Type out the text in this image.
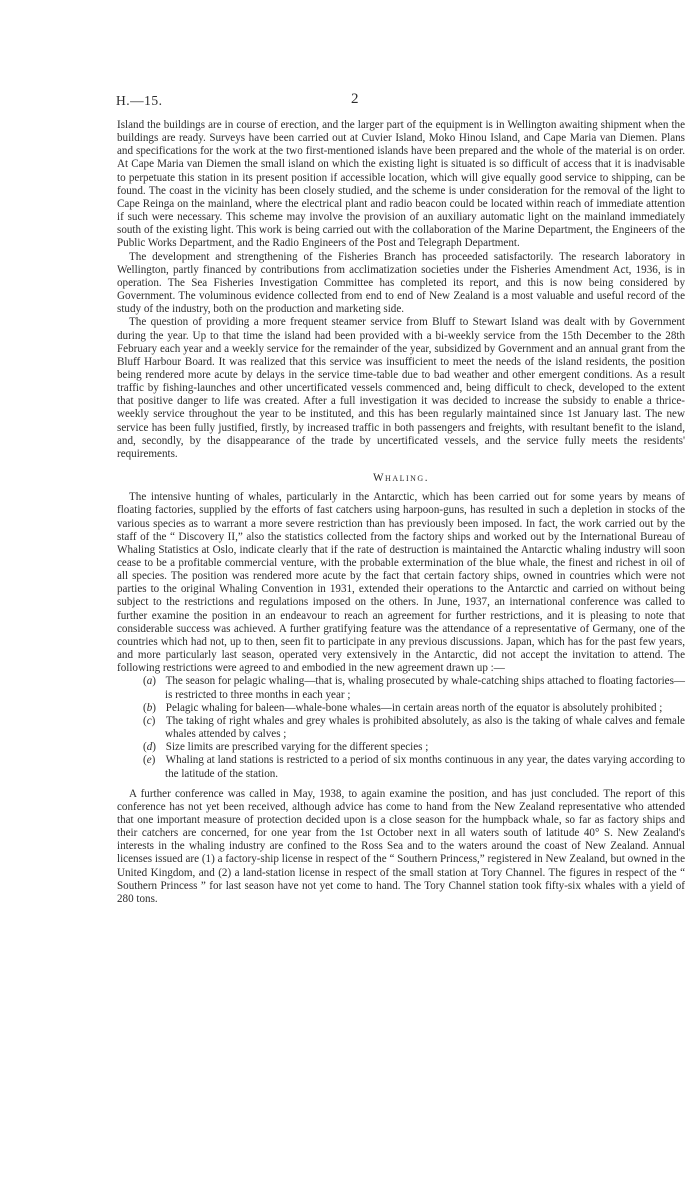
H.—15.	2

Island the buildings are in course of erection, and the larger part of the equipment is in Wellington awaiting shipment when the buildings are ready. Surveys have been carried out at Cuvier Island, Moko Hinou Island, and Cape Maria van Diemen. Plans and specifications for the work at the two first-mentioned islands have been prepared and the whole of the material is on order. At Cape Maria van Diemen the small island on which the existing light is situated is so difficult of access that it is inadvisable to perpetuate this station in its present position if accessible location, which will give equally good service to shipping, can be found. The coast in the vicinity has been closely studied, and the scheme is under consideration for the removal of the light to Cape Reinga on the mainland, where the electrical plant and radio beacon could be located within reach of immediate attention if such were necessary. This scheme may involve the provision of an auxiliary automatic light on the mainland immediately south of the existing light. This work is being carried out with the collaboration of the Marine Department, the Engineers of the Public Works Department, and the Radio Engineers of the Post and Telegraph Department.

The development and strengthening of the Fisheries Branch has proceeded satisfactorily. The research laboratory in Wellington, partly financed by contributions from acclimatization societies under the Fisheries Amendment Act, 1936, is in operation. The Sea Fisheries Investigation Committee has completed its report, and this is now being considered by Government. The voluminous evidence collected from end to end of New Zealand is a most valuable and useful record of the study of the industry, both on the production and marketing side.

The question of providing a more frequent steamer service from Bluff to Stewart Island was dealt with by Government during the year. Up to that time the island had been provided with a bi-weekly service from the 15th December to the 28th February each year and a weekly service for the remainder of the year, subsidized by Government and an annual grant from the Bluff Harbour Board. It was realized that this service was insufficient to meet the needs of the island residents, the position being rendered more acute by delays in the service time-table due to bad weather and other emergent conditions. As a result traffic by fishing-launches and other uncertificated vessels commenced and, being difficult to check, developed to the extent that positive danger to life was created. After a full investigation it was decided to increase the subsidy to enable a thrice-weekly service throughout the year to be instituted, and this has been regularly maintained since 1st January last. The new service has been fully justified, firstly, by increased traffic in both passengers and freights, with resultant benefit to the island, and, secondly, by the disappearance of the trade by uncertificated vessels, and the service fully meets the residents' requirements.

Whaling.

The intensive hunting of whales, particularly in the Antarctic, which has been carried out for some years by means of floating factories, supplied by the efforts of fast catchers using harpoon-guns, has resulted in such a depletion in stocks of the various species as to warrant a more severe restriction than has previously been imposed. In fact, the work carried out by the staff of the “ Discovery II,” also the statistics collected from the factory ships and worked out by the International Bureau of Whaling Statistics at Oslo, indicate clearly that if the rate of destruction is maintained the Antarctic whaling industry will soon cease to be a profitable commercial venture, with the probable extermination of the blue whale, the finest and richest in oil of all species. The position was rendered more acute by the fact that certain factory ships, owned in countries which were not parties to the original Whaling Convention in 1931, extended their operations to the Antarctic and carried on without being subject to the restrictions and regulations imposed on the others. In June, 1937, an international conference was called to further examine the position in an endeavour to reach an agreement for further restrictions, and it is pleasing to note that considerable success was achieved. A further gratifying feature was the attendance of a representative of Germany, one of the countries which had not, up to then, seen fit to participate in any previous discussions. Japan, which has for the past few years, and more particularly last season, operated very extensively in the Antarctic, did not accept the invitation to attend. The following restrictions were agreed to and embodied in the new agreement drawn up :—

(a) The season for pelagic whaling—that is, whaling prosecuted by whale-catching ships attached to floating factories—is restricted to three months in each year ;
(b) Pelagic whaling for baleen—whale-bone whales—in certain areas north of the equator is absolutely prohibited ;
(c) The taking of right whales and grey whales is prohibited absolutely, as also is the taking of whale calves and female whales attended by calves ;
(d) Size limits are prescribed varying for the different species ;
(e) Whaling at land stations is restricted to a period of six months continuous in any year, the dates varying according to the latitude of the station.

A further conference was called in May, 1938, to again examine the position, and has just concluded. The report of this conference has not yet been received, although advice has come to hand from the New Zealand representative who attended that one important measure of protection decided upon is a close season for the humpback whale, so far as factory ships and their catchers are concerned, for one year from the 1st October next in all waters south of latitude 40° S. New Zealand's interests in the whaling industry are confined to the Ross Sea and to the waters around the coast of New Zealand. Annual licenses issued are (1) a factory-ship license in respect of the “ Southern Princess,” registered in New Zealand, but owned in the United Kingdom, and (2) a land-station license in respect of the small station at Tory Channel. The figures in respect of the “ Southern Princess ” for last season have not yet come to hand. The Tory Channel station took fifty-six whales with a yield of 280 tons.
